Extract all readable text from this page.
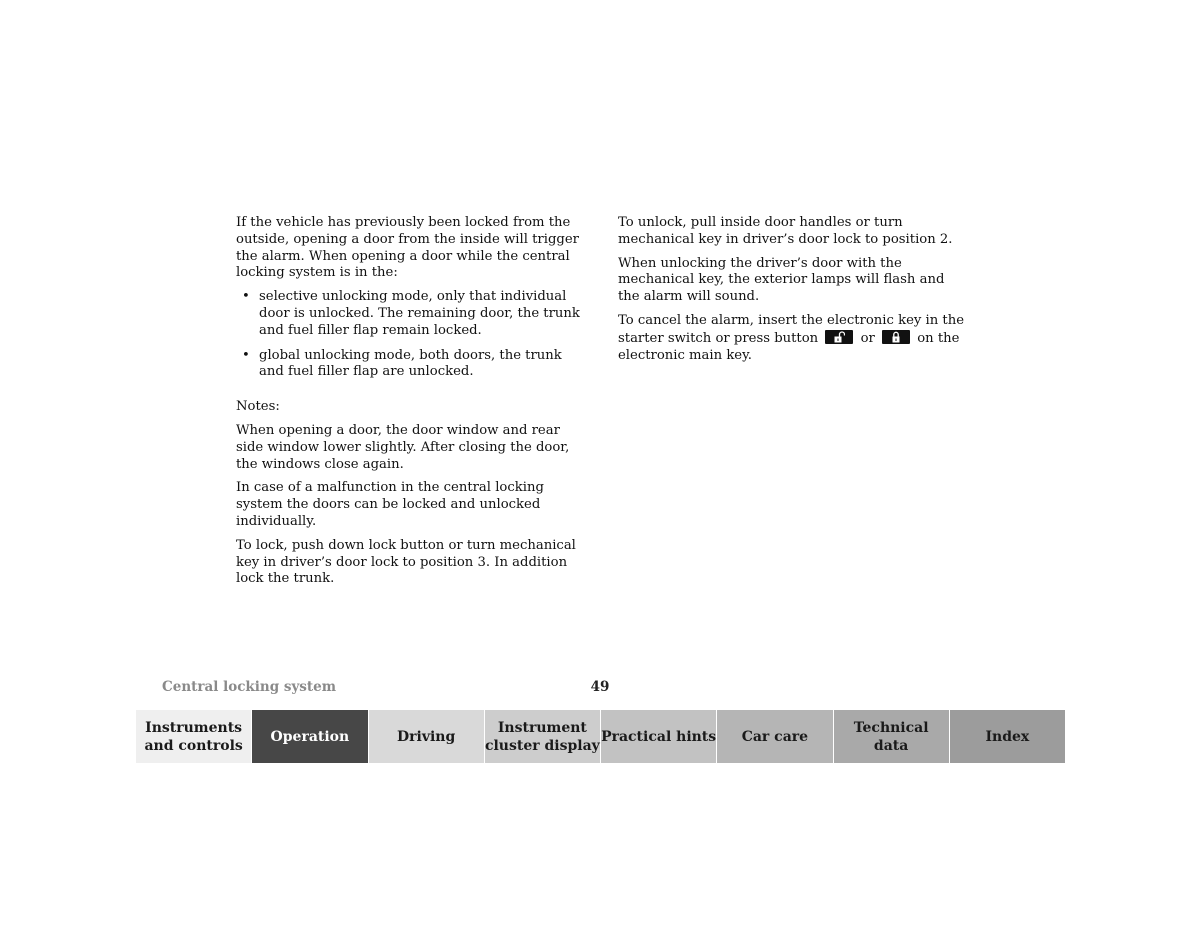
If the vehicle has previously been locked from the outside, opening a door from the inside will trigger the alarm. When opening a door while the central locking system is in the:

• selective unlocking mode, only that individual door is unlocked. The remaining door, the trunk and fuel filler flap remain locked.
• global unlocking mode, both doors, the trunk and fuel filler flap are unlocked.

Notes:

When opening a door, the door window and rear side window lower slightly. After closing the door, the windows close again.

In case of a malfunction in the central locking system the doors can be locked and unlocked individually.

To lock, push down lock button or turn mechanical key in driver’s door lock to position 3. In addition lock the trunk.

To unlock, pull inside door handles or turn mechanical key in driver’s door lock to position 2.

When unlocking the driver’s door with the mechanical key, the exterior lamps will flash and the alarm will sound.

To cancel the alarm, insert the electronic key in the starter switch or press button	or	on the electronic main key.

Central locking system	49
Instruments
and controls
Operation	Driving
Instrument
cluster display
Practical hints Car care
Technical
data
Index
